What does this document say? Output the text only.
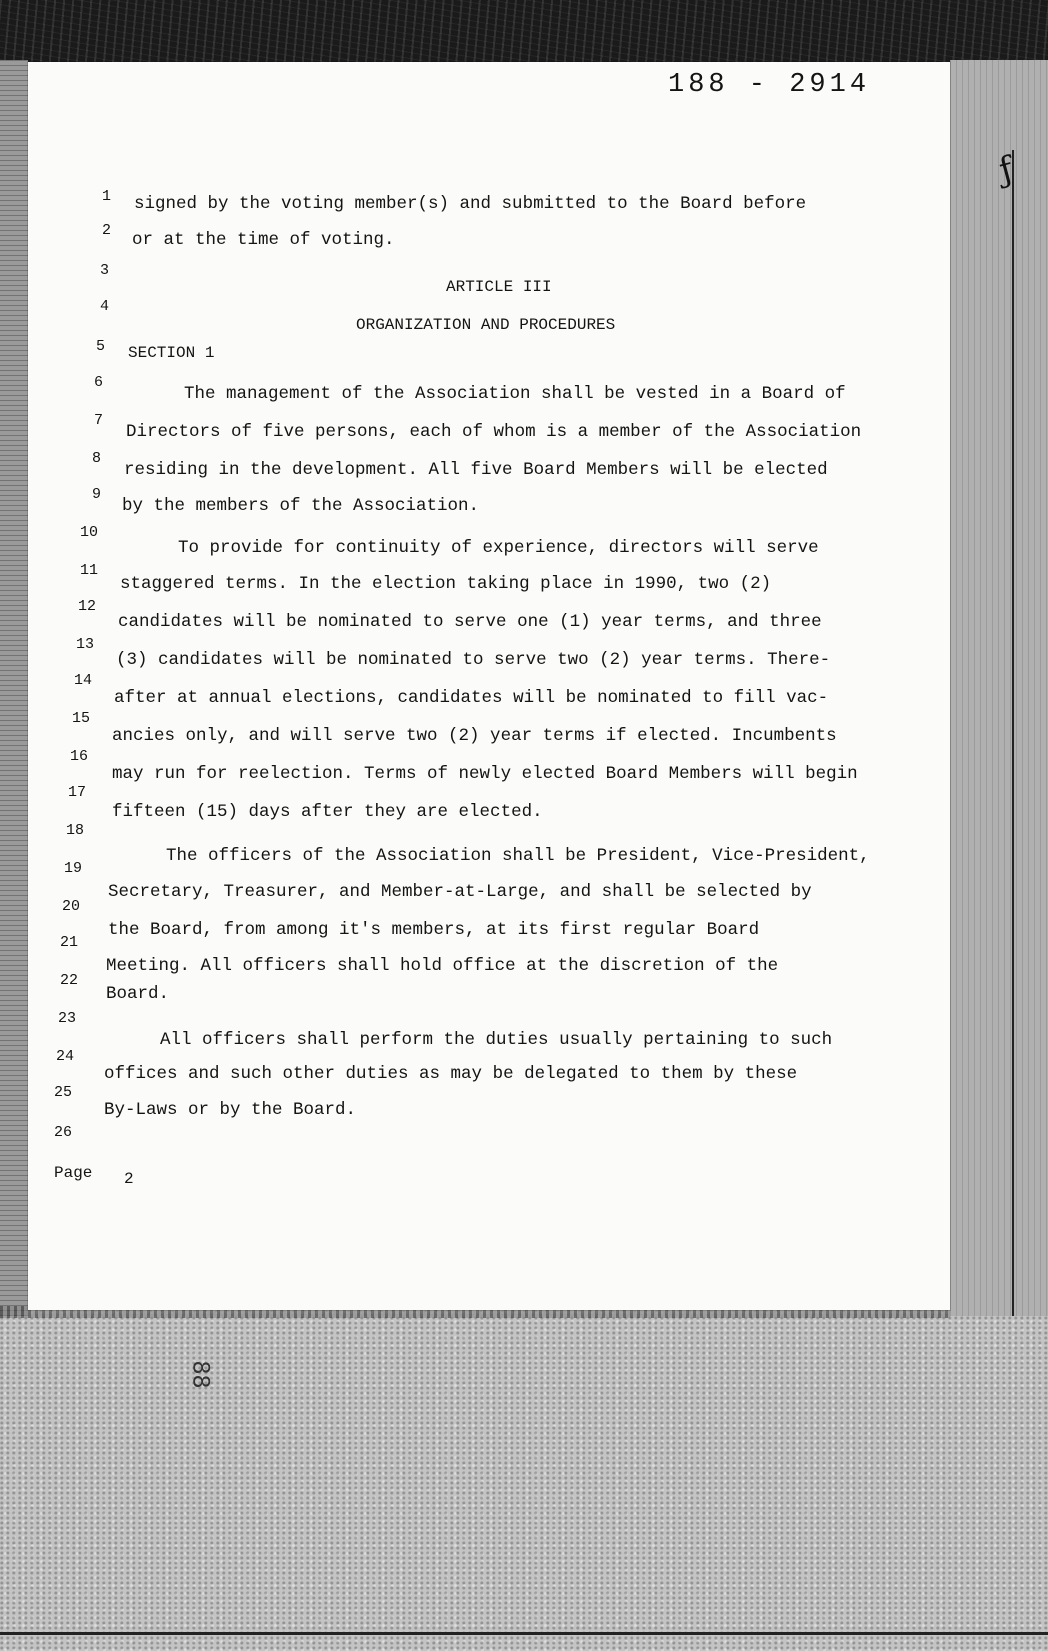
188 - 2914
ƒ
1
2
3
4
5
6
7
8
9
10
11
12
13
14
15
16
17
18
19
20
21
22
23
24
25
26
ARTICLE III
ORGANIZATION AND PROCEDURES
SECTION 1
signed by the voting member(s) and submitted to the Board before
or at the time of voting.
The management of the Association shall be vested in a Board of
Directors of five persons, each of whom is a member of the Association
residing in the development. All five Board Members will be elected
by the members of the Association.
To provide for continuity of experience, directors will serve
staggered terms. In the election taking place in 1990, two (2)
candidates will be nominated to serve one (1) year terms, and three
(3) candidates will be nominated to serve two (2) year terms. There-
after at annual elections, candidates will be nominated to fill vac-
ancies only, and will serve two (2) year terms if elected. Incumbents
may run for reelection. Terms of newly elected Board Members will begin
fifteen (15) days after they are elected.
The officers of the Association shall be President, Vice-President,
Secretary, Treasurer, and Member-at-Large, and shall be selected by
the Board, from among it's members, at its first regular Board
Meeting. All officers shall hold office at the discretion of the
Board.
All officers shall perform the duties usually pertaining to such
offices and such other duties as may be delegated to them by these
By-Laws or by the Board.
Page 2
88
